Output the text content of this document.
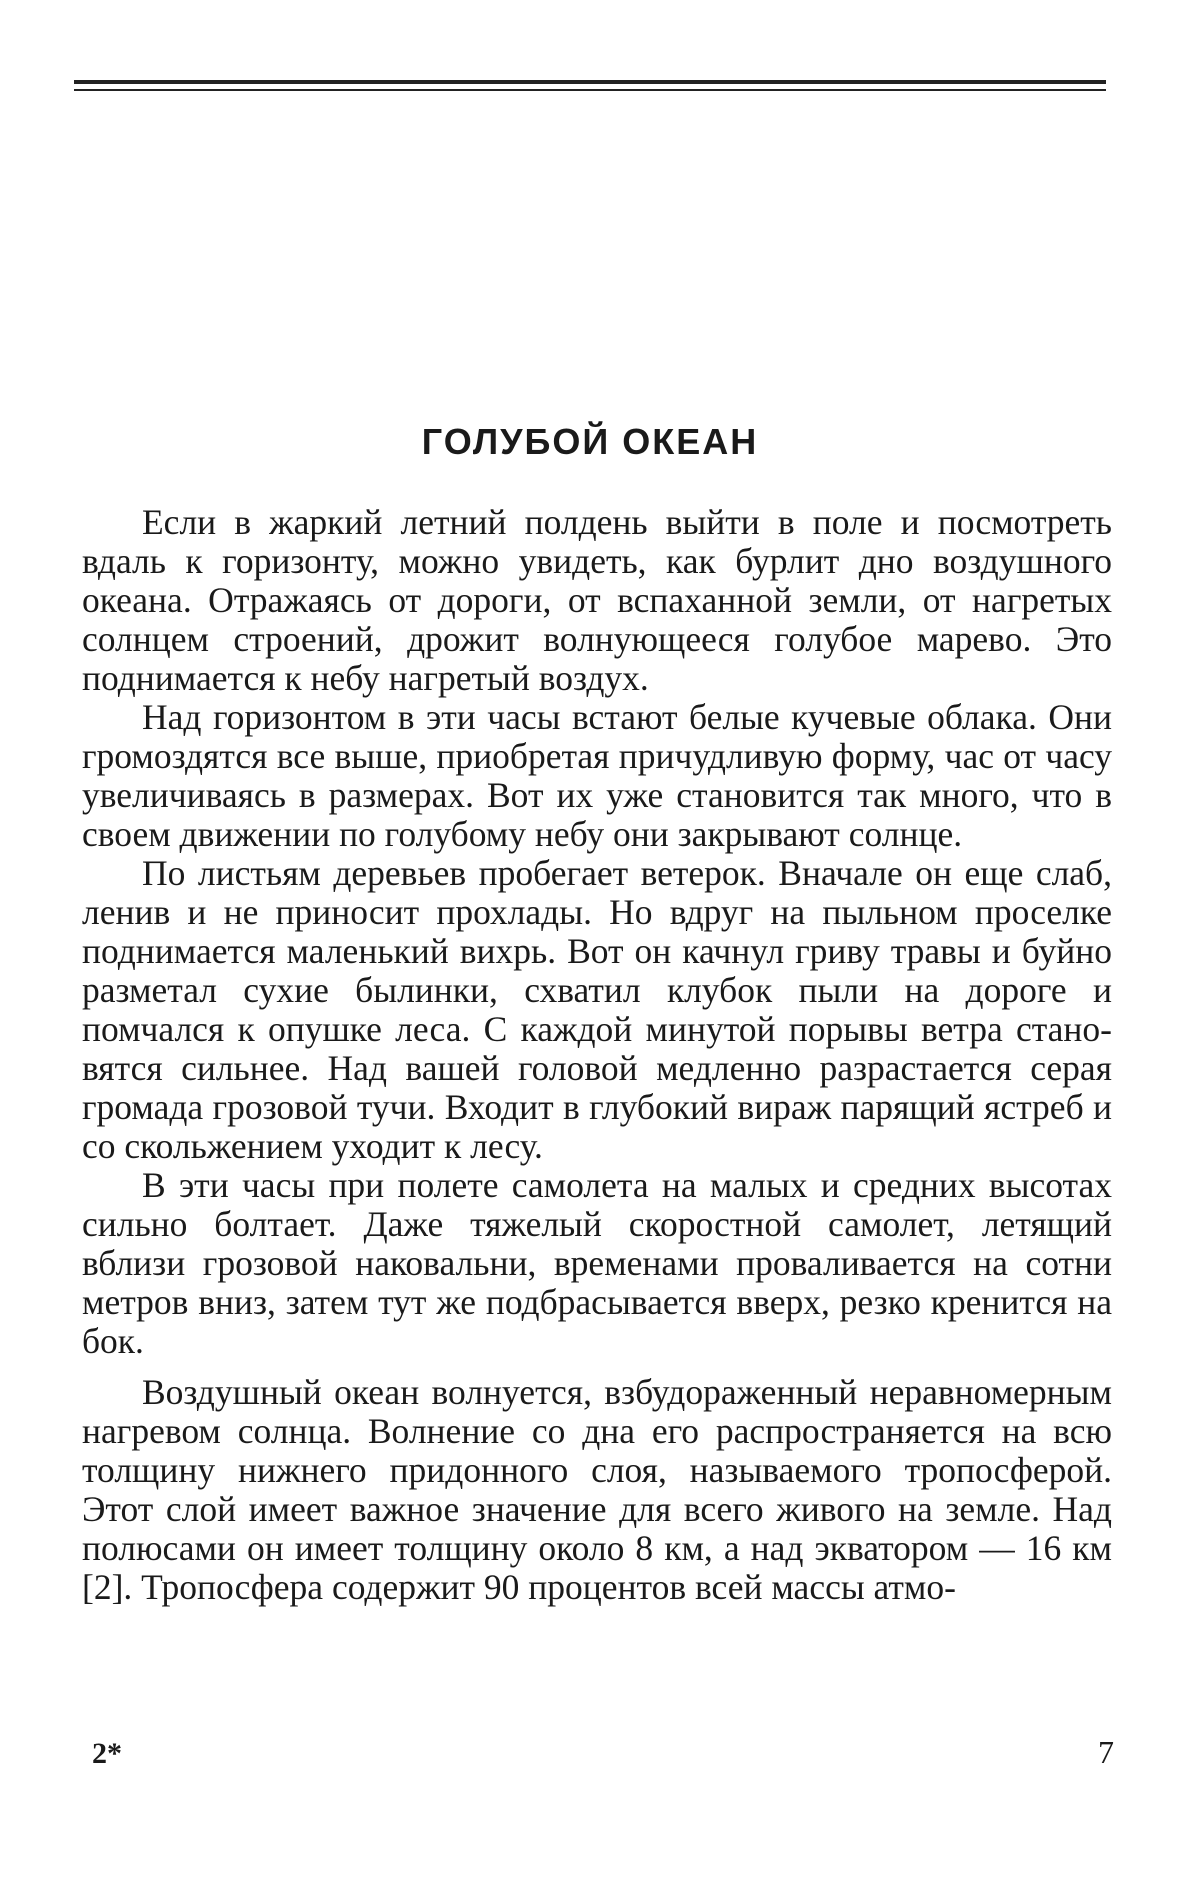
ГОЛУБОЙ ОКЕАН

Если в жаркий летний полдень выйти в поле и посмотреть вдаль к горизонту, можно увидеть, как бурлит дно воздушного океана. Отражаясь от дороги, от вспаханной земли, от нагретых солнцем строений, дрожит волнующееся голубое марево. Это поднимается к небу нагретый воздух.

Над горизонтом в эти часы встают белые кучевые облака. Они громоздятся все выше, приобретая причудливую форму, час от часу увеличиваясь в размерах. Вот их уже становится так много, что в своем движении по голубому небу они закрывают солнце.

По листьям деревьев пробегает ветерок. Вначале он еще слаб, ленив и не приносит прохлады. Но вдруг на пыльном проселке поднимается маленький вихрь. Вот он качнул гриву травы и буйно разметал сухие былинки, схватил клубок пыли на дороге и помчался к опушке леса. С каждой минутой порывы ветра становятся сильнее. Над вашей головой медленно разрастается серая громада грозовой тучи. Входит в глубокий вираж парящий ястреб и со скольжением уходит к лесу.

В эти часы при полете самолета на малых и средних высотах сильно болтает. Даже тяжелый скоростной самолет, летящий вблизи грозовой наковальни, временами проваливается на сотни метров вниз, затем тут же подбрасывается вверх, резко кренится на бок.

Воздушный океан волнуется, взбудораженный неравномерным нагревом солнца. Волнение со дна его распространяется на всю толщину нижнего придонного слоя, называемого тропосферой. Этот слой имеет важное значение для всего живого на земле. Над полюсами он имеет толщину около 8 км, а над экватором — 16 км [2]. Тропосфера содержит 90 процентов всей массы атмо-

2*	7
